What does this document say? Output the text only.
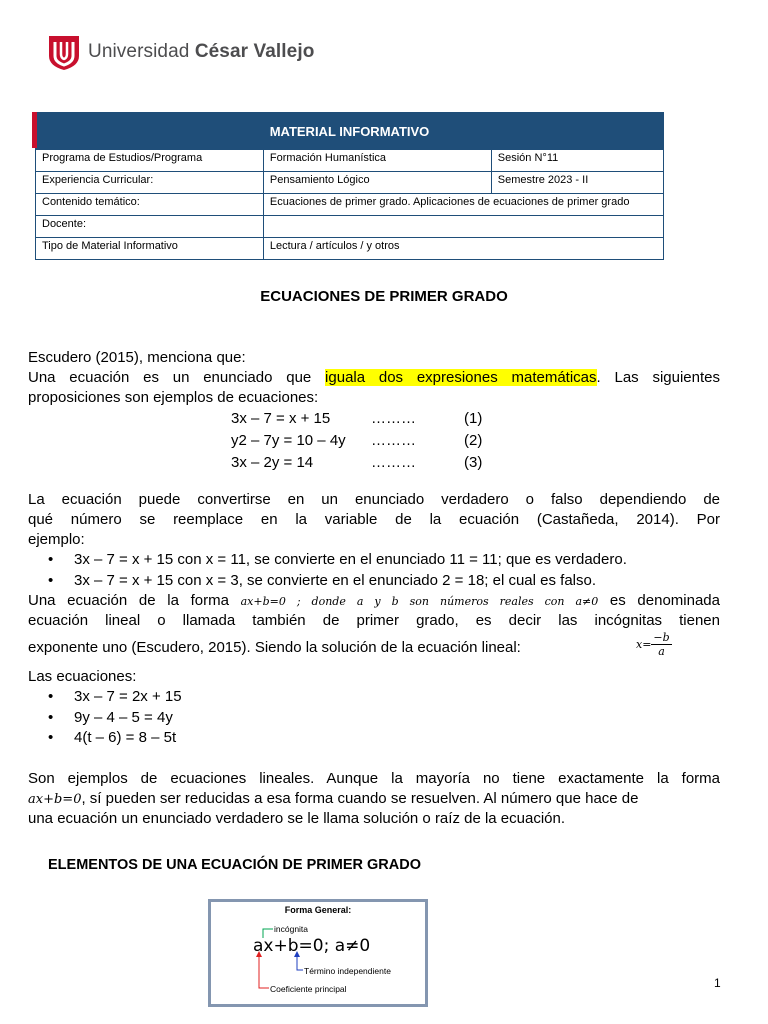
Universidad César Vallejo
MATERIAL INFORMATIVO		
Programa de Estudios/Programa	Formación Humanística	Sesión N°11
Experiencia Curricular:	Pensamiento Lógico	Semestre 2023 - II
Contenido temático:	Ecuaciones de primer grado. Aplicaciones de ecuaciones de primer grado	
Docente:		
Tipo de Material Informativo	Lectura / artículos / y otros	
ECUACIONES DE PRIMER GRADO
Escudero (2015), menciona que:
Una ecuación es un enunciado que iguala dos expresiones matemáticas. Las siguientes
proposiciones son ejemplos de ecuaciones:
3x – 7 = x + 15	………	(1)
y2 – 7y = 10 – 4y ………	(2)
3x – 2y = 14	………	(3)
La ecuación puede convertirse en un enunciado verdadero o falso dependiendo de
qué número se reemplace en la variable de la ecuación (Castañeda, 2014). Por
ejemplo:
• 3x – 7 = x + 15 con x = 11, se convierte en el enunciado 11 = 11; que es verdadero.
• 3x – 7 = x + 15 con x = 3, se convierte en el enunciado 2 = 18; el cual es falso.
Una ecuación de la forma ax+b=0 ; donde a y b son números reales con a≠0 es denominada
ecuación lineal o llamada también de primer grado, es decir las incógnitas tienen
exponente uno (Escudero, 2015). Siendo la solución de la ecuación lineal:	$x= \frac{-b}{a}$
Las ecuaciones:
• 3x – 7 = 2x + 15
• 9y – 4 – 5 = 4y
• 4(t – 6) = 8 – 5t
Son ejemplos de ecuaciones lineales. Aunque la mayoría no tiene exactamente la forma
ax+b=0, sí pueden ser reducidas a esa forma cuando se resuelven. Al número que hace de
una ecuación un enunciado verdadero se le llama solución o raíz de la ecuación.
ELEMENTOS DE UNA ECUACIÓN DE PRIMER GRADO
Forma General:
incógnita
ax+b=0; a≠0
Término independiente
Coeficiente principal	1
